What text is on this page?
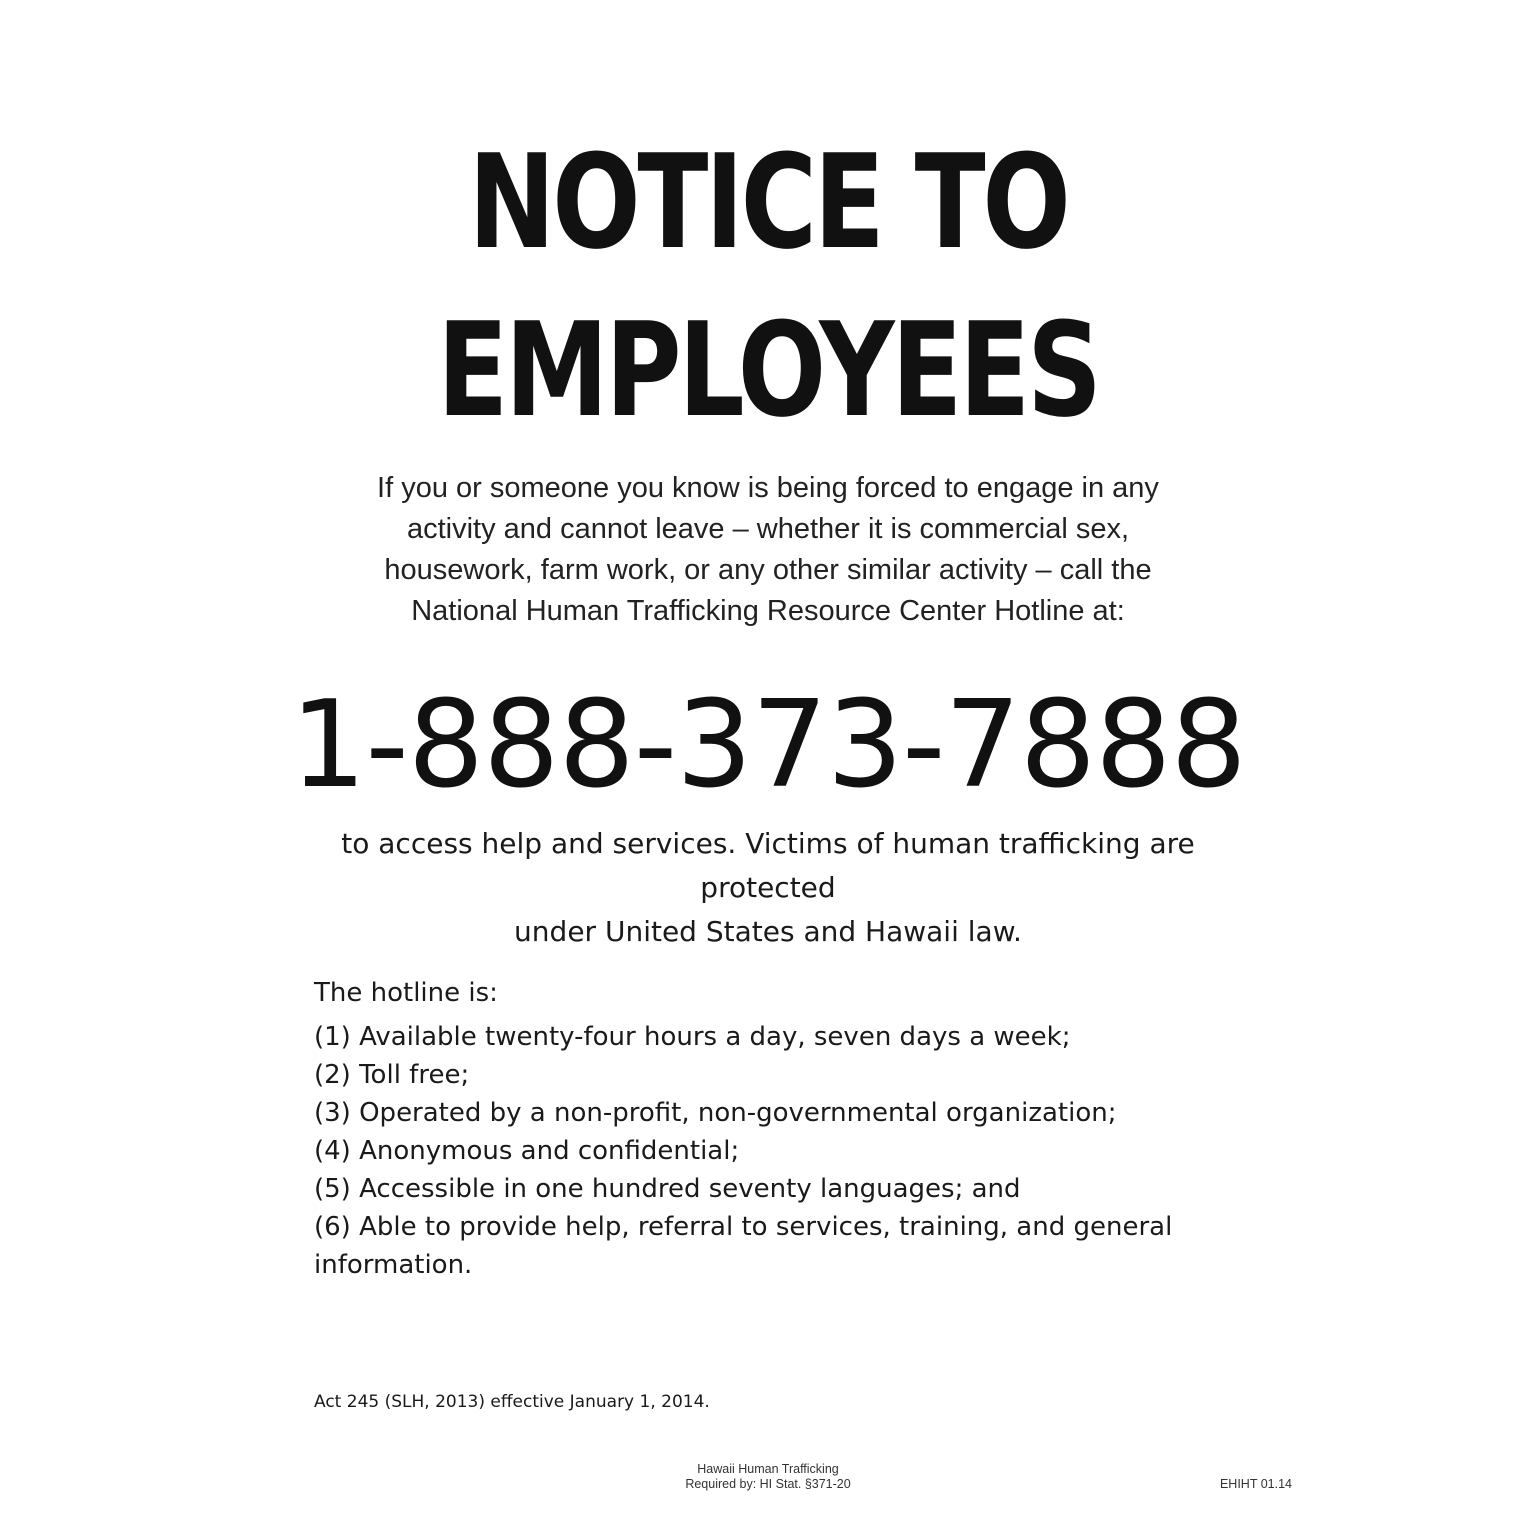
NOTICE TO
EMPLOYEES

If you or someone you know is being forced to engage in any
activity and cannot leave – whether it is commercial sex,
housework, farm work, or any other similar activity – call the
National Human Trafficking Resource Center Hotline at:

1-888-373-7888

to access help and services. Victims of human trafficking are protected
under United States and Hawaii law.

The hotline is:

(1) Available twenty-four hours a day, seven days a week;
(2) Toll free;
(3) Operated by a non-profit, non-governmental organization;
(4) Anonymous and confidential;
(5) Accessible in one hundred seventy languages; and
(6) Able to provide help, referral to services, training, and general
information.

Act 245 (SLH, 2013) effective January 1, 2014.

Hawaii Human Trafficking
Required by: HI Stat. §371-20	EHIHT 01.14
